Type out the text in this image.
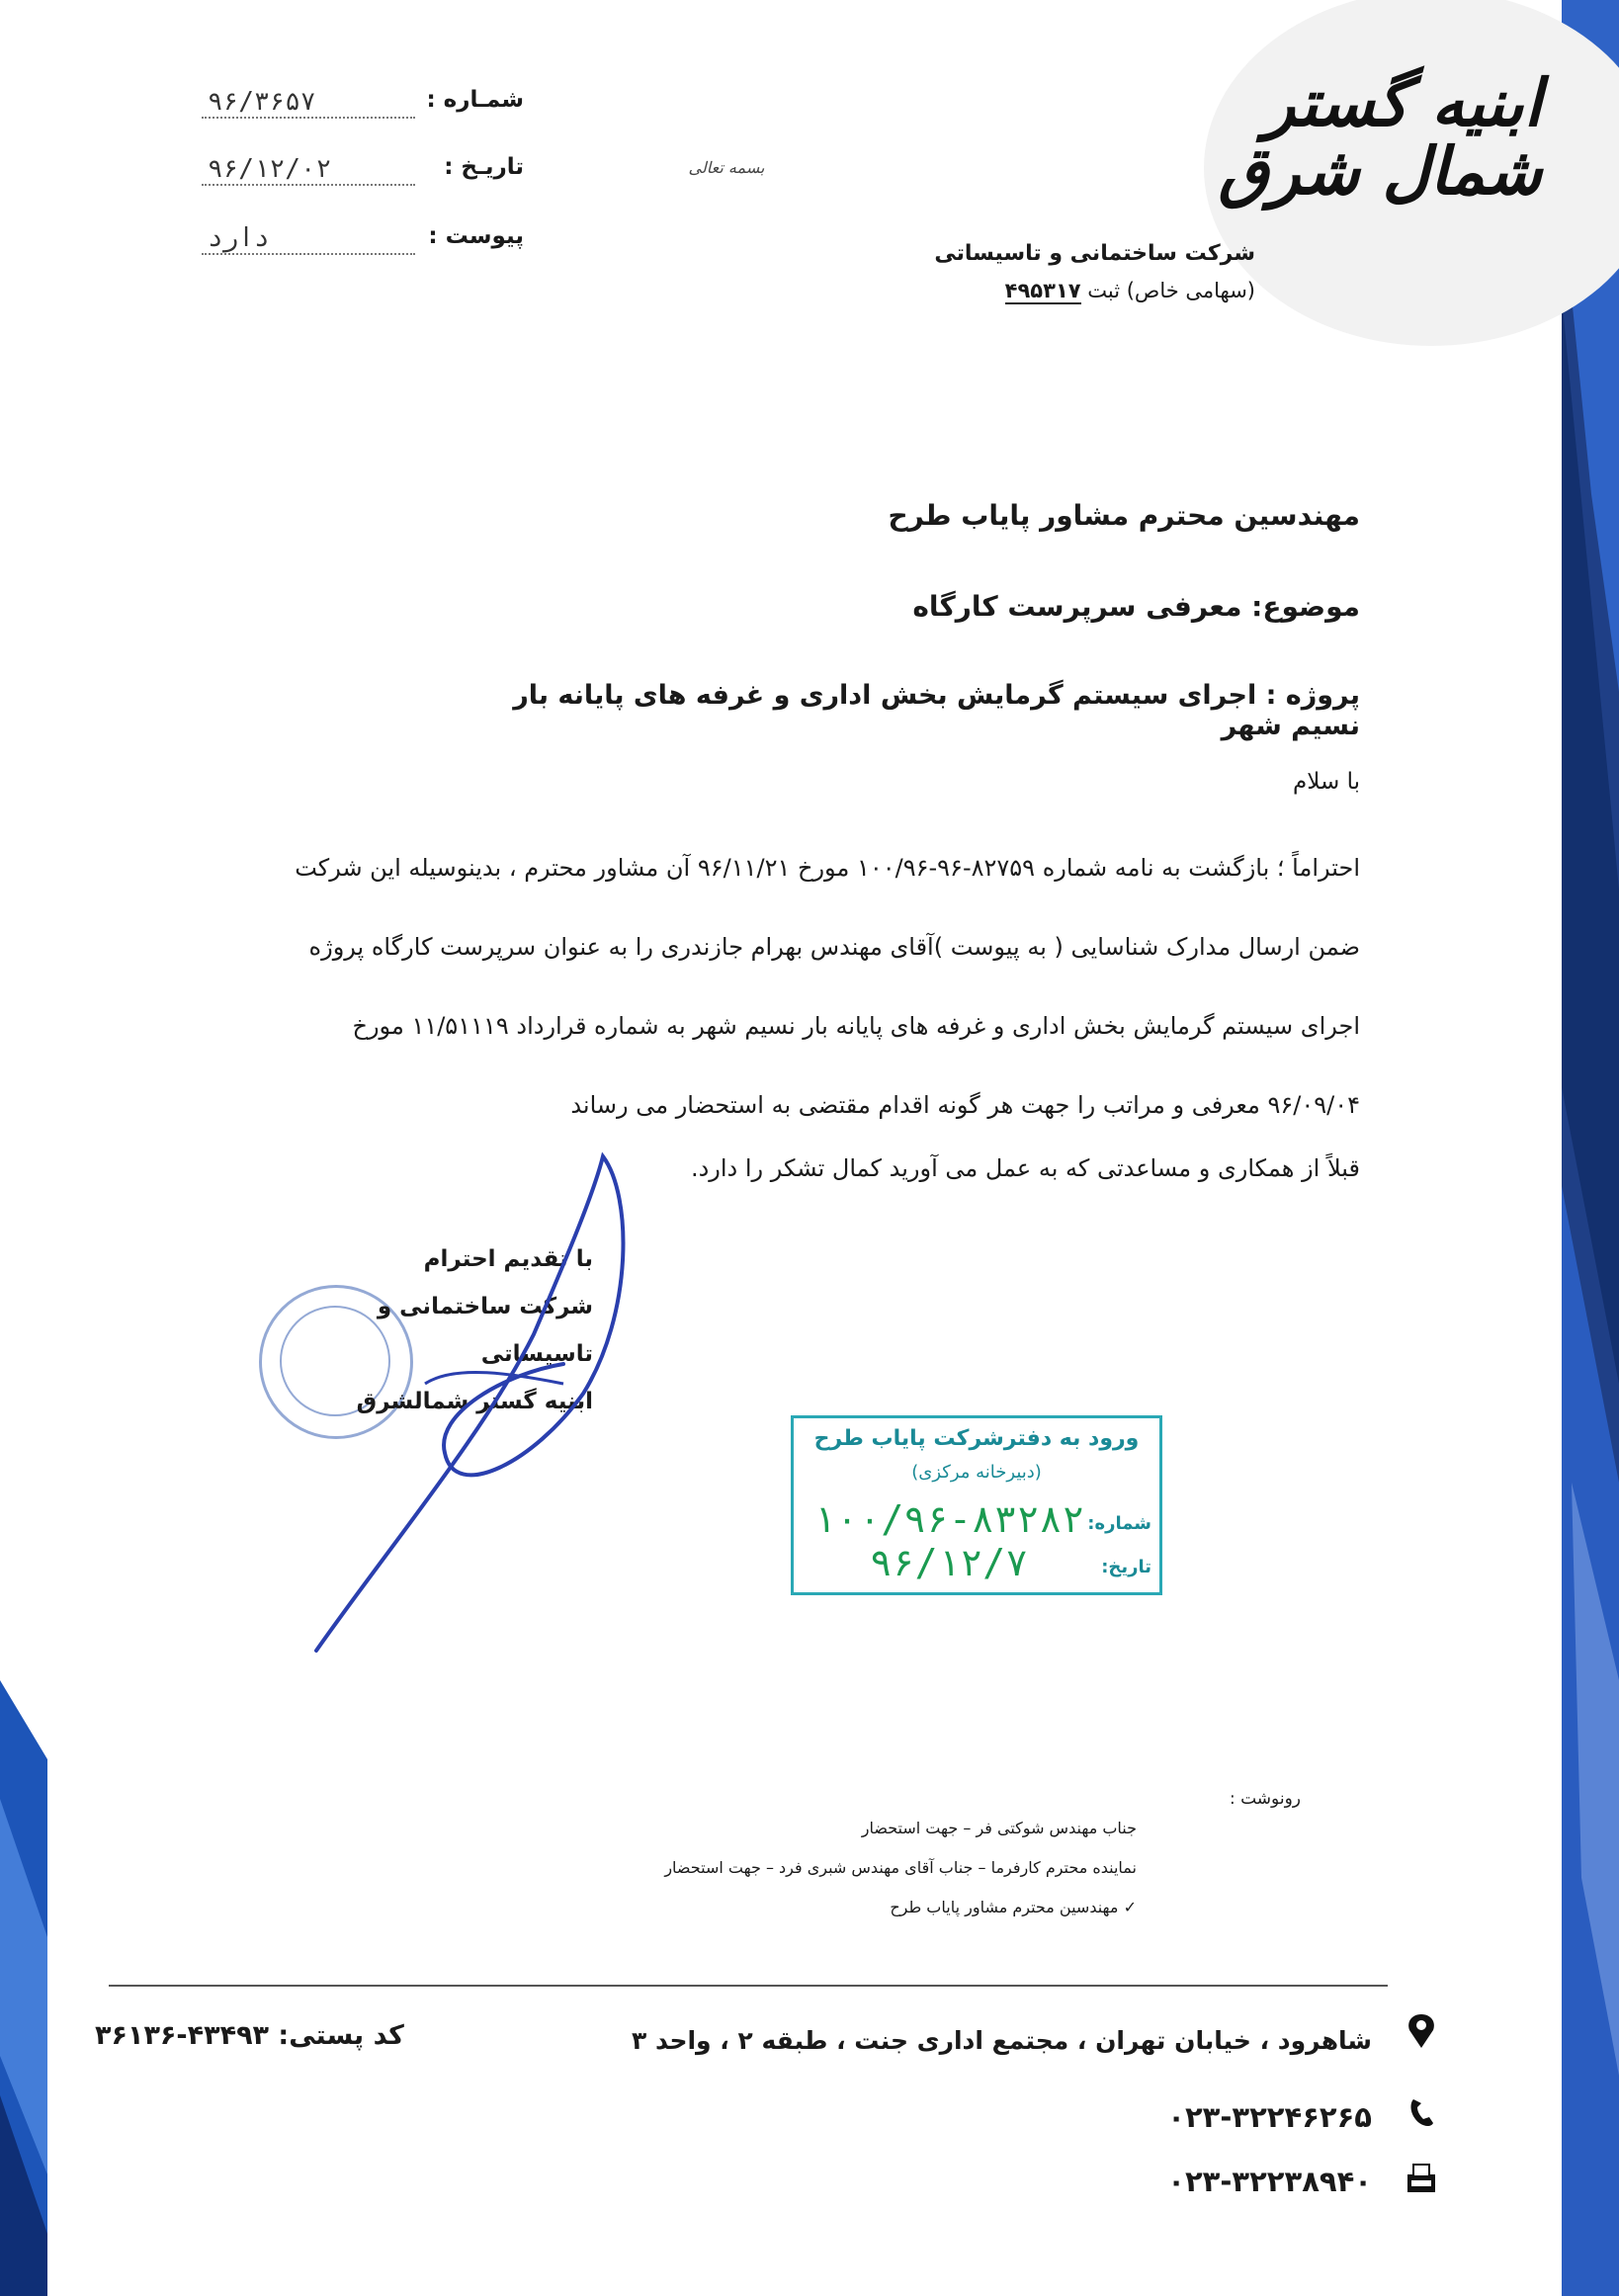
شمـاره :
۹۶/۳۶۵۷
تاریـخ :
۹۶/۱۲/۰۲
پیوست :
دارد
بسمه تعالی
ابنیه گستر شمال شرق
شرکت ساختمانی و تاسیساتی
(سهامی خاص) ثبت ۴۹۵۳۱۷
مهندسین محترم مشاور پایاب طرح
موضوع: معرفی سرپرست کارگاه
پروژه : اجرای سیستم گرمایش بخش اداری و غرفه های پایانه بار نسیم شهر
با سلام
احتراماً ؛ بازگشت به نامه شماره ۸۲۷۵۹-۹۶-۱۰۰/۹۶ مورخ ۹۶/۱۱/۲۱ آن مشاور محترم ، بدینوسیله این شرکت
ضمن ارسال مدارک شناسایی ( به پیوست )آقای مهندس بهرام جازندری را به عنوان سرپرست کارگاه پروژه
اجرای سیستم گرمایش بخش اداری و غرفه های پایانه بار نسیم شهر به شماره قرارداد ۱۱/۵۱۱۱۹ مورخ
۹۶/۰۹/۰۴ معرفی و مراتب را جهت هر گونه اقدام مقتضی به استحضار می رساند
قبلاً از همکاری و مساعدتی که به عمل می آورید کمال تشکر را دارد.
با تقدیم احترام
شرکت ساختمانی و تاسیساتی
ابنیه گستر شمالشرق
ورود به دفترشرکت پایاب طرح
(دبیرخانه مرکزی)
شماره:
۱۰۰/۹۶-۸۳۲۸۲
تاریخ:
۹۶/۱۲/۷
رونوشت :
جناب مهندس شوکتی فر – جهت استحضار
نماینده محترم کارفرما – جناب آقای مهندس شبری فرد – جهت استحضار
✓ مهندسین محترم مشاور پایاب طرح
شاهرود ، خیابان تهران ، مجتمع اداری جنت ، طبقه ۲ ، واحد ۳
کد پستی: ۴۳۴۹۳-۳۶۱۳۶
۰۲۳-۳۲۲۴۶۲۶۵
۰۲۳-۳۲۲۳۸۹۴۰
